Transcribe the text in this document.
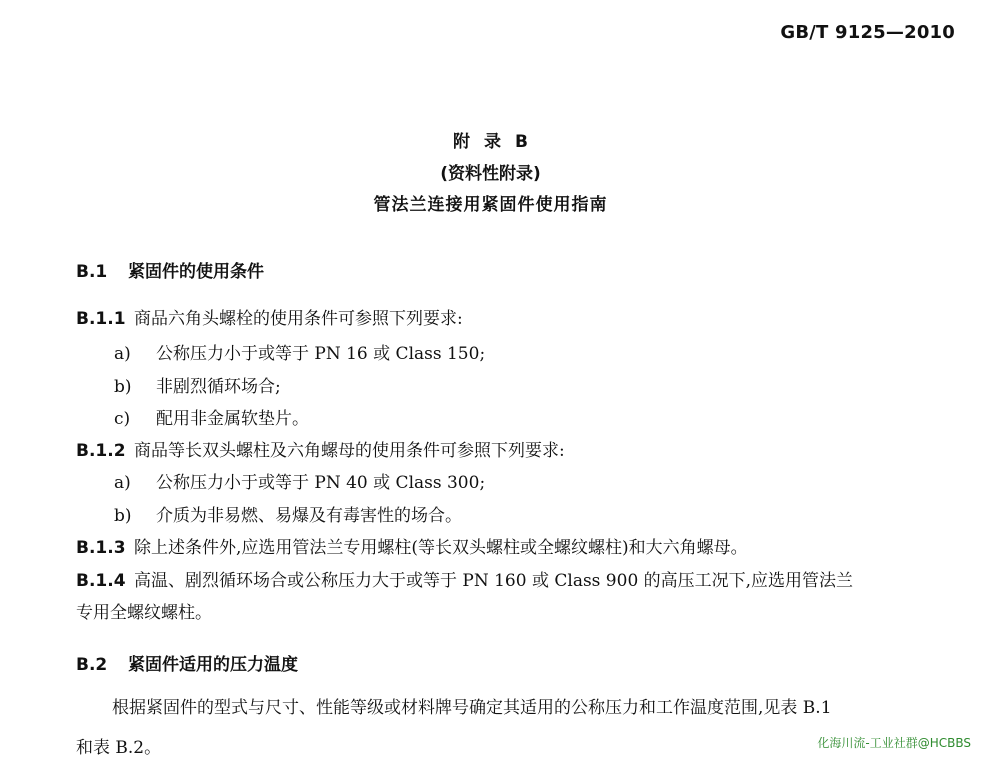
GB/T 9125—2010
附录B
(资料性附录)
管法兰连接用紧固件使用指南
B.1 紧固件的使用条件
B.1.1 商品六角头螺栓的使用条件可参照下列要求:
a) 公称压力小于或等于 PN 16 或 Class 150;
b) 非剧烈循环场合;
c) 配用非金属软垫片。
B.1.2 商品等长双头螺柱及六角螺母的使用条件可参照下列要求:
a) 公称压力小于或等于 PN 40 或 Class 300;
b) 介质为非易燃、易爆及有毒害性的场合。
B.1.3 除上述条件外,应选用管法兰专用螺柱(等长双头螺柱或全螺纹螺柱)和大六角螺母。
B.1.4 高温、剧烈循环场合或公称压力大于或等于 PN 160 或 Class 900 的高压工况下,应选用管法兰
专用全螺纹螺柱。
B.2 紧固件适用的压力温度
根据紧固件的型式与尺寸、性能等级或材料牌号确定其适用的公称压力和工作温度范围,见表 B.1
和表 B.2。	化海川流-工业社群@HCBBS
